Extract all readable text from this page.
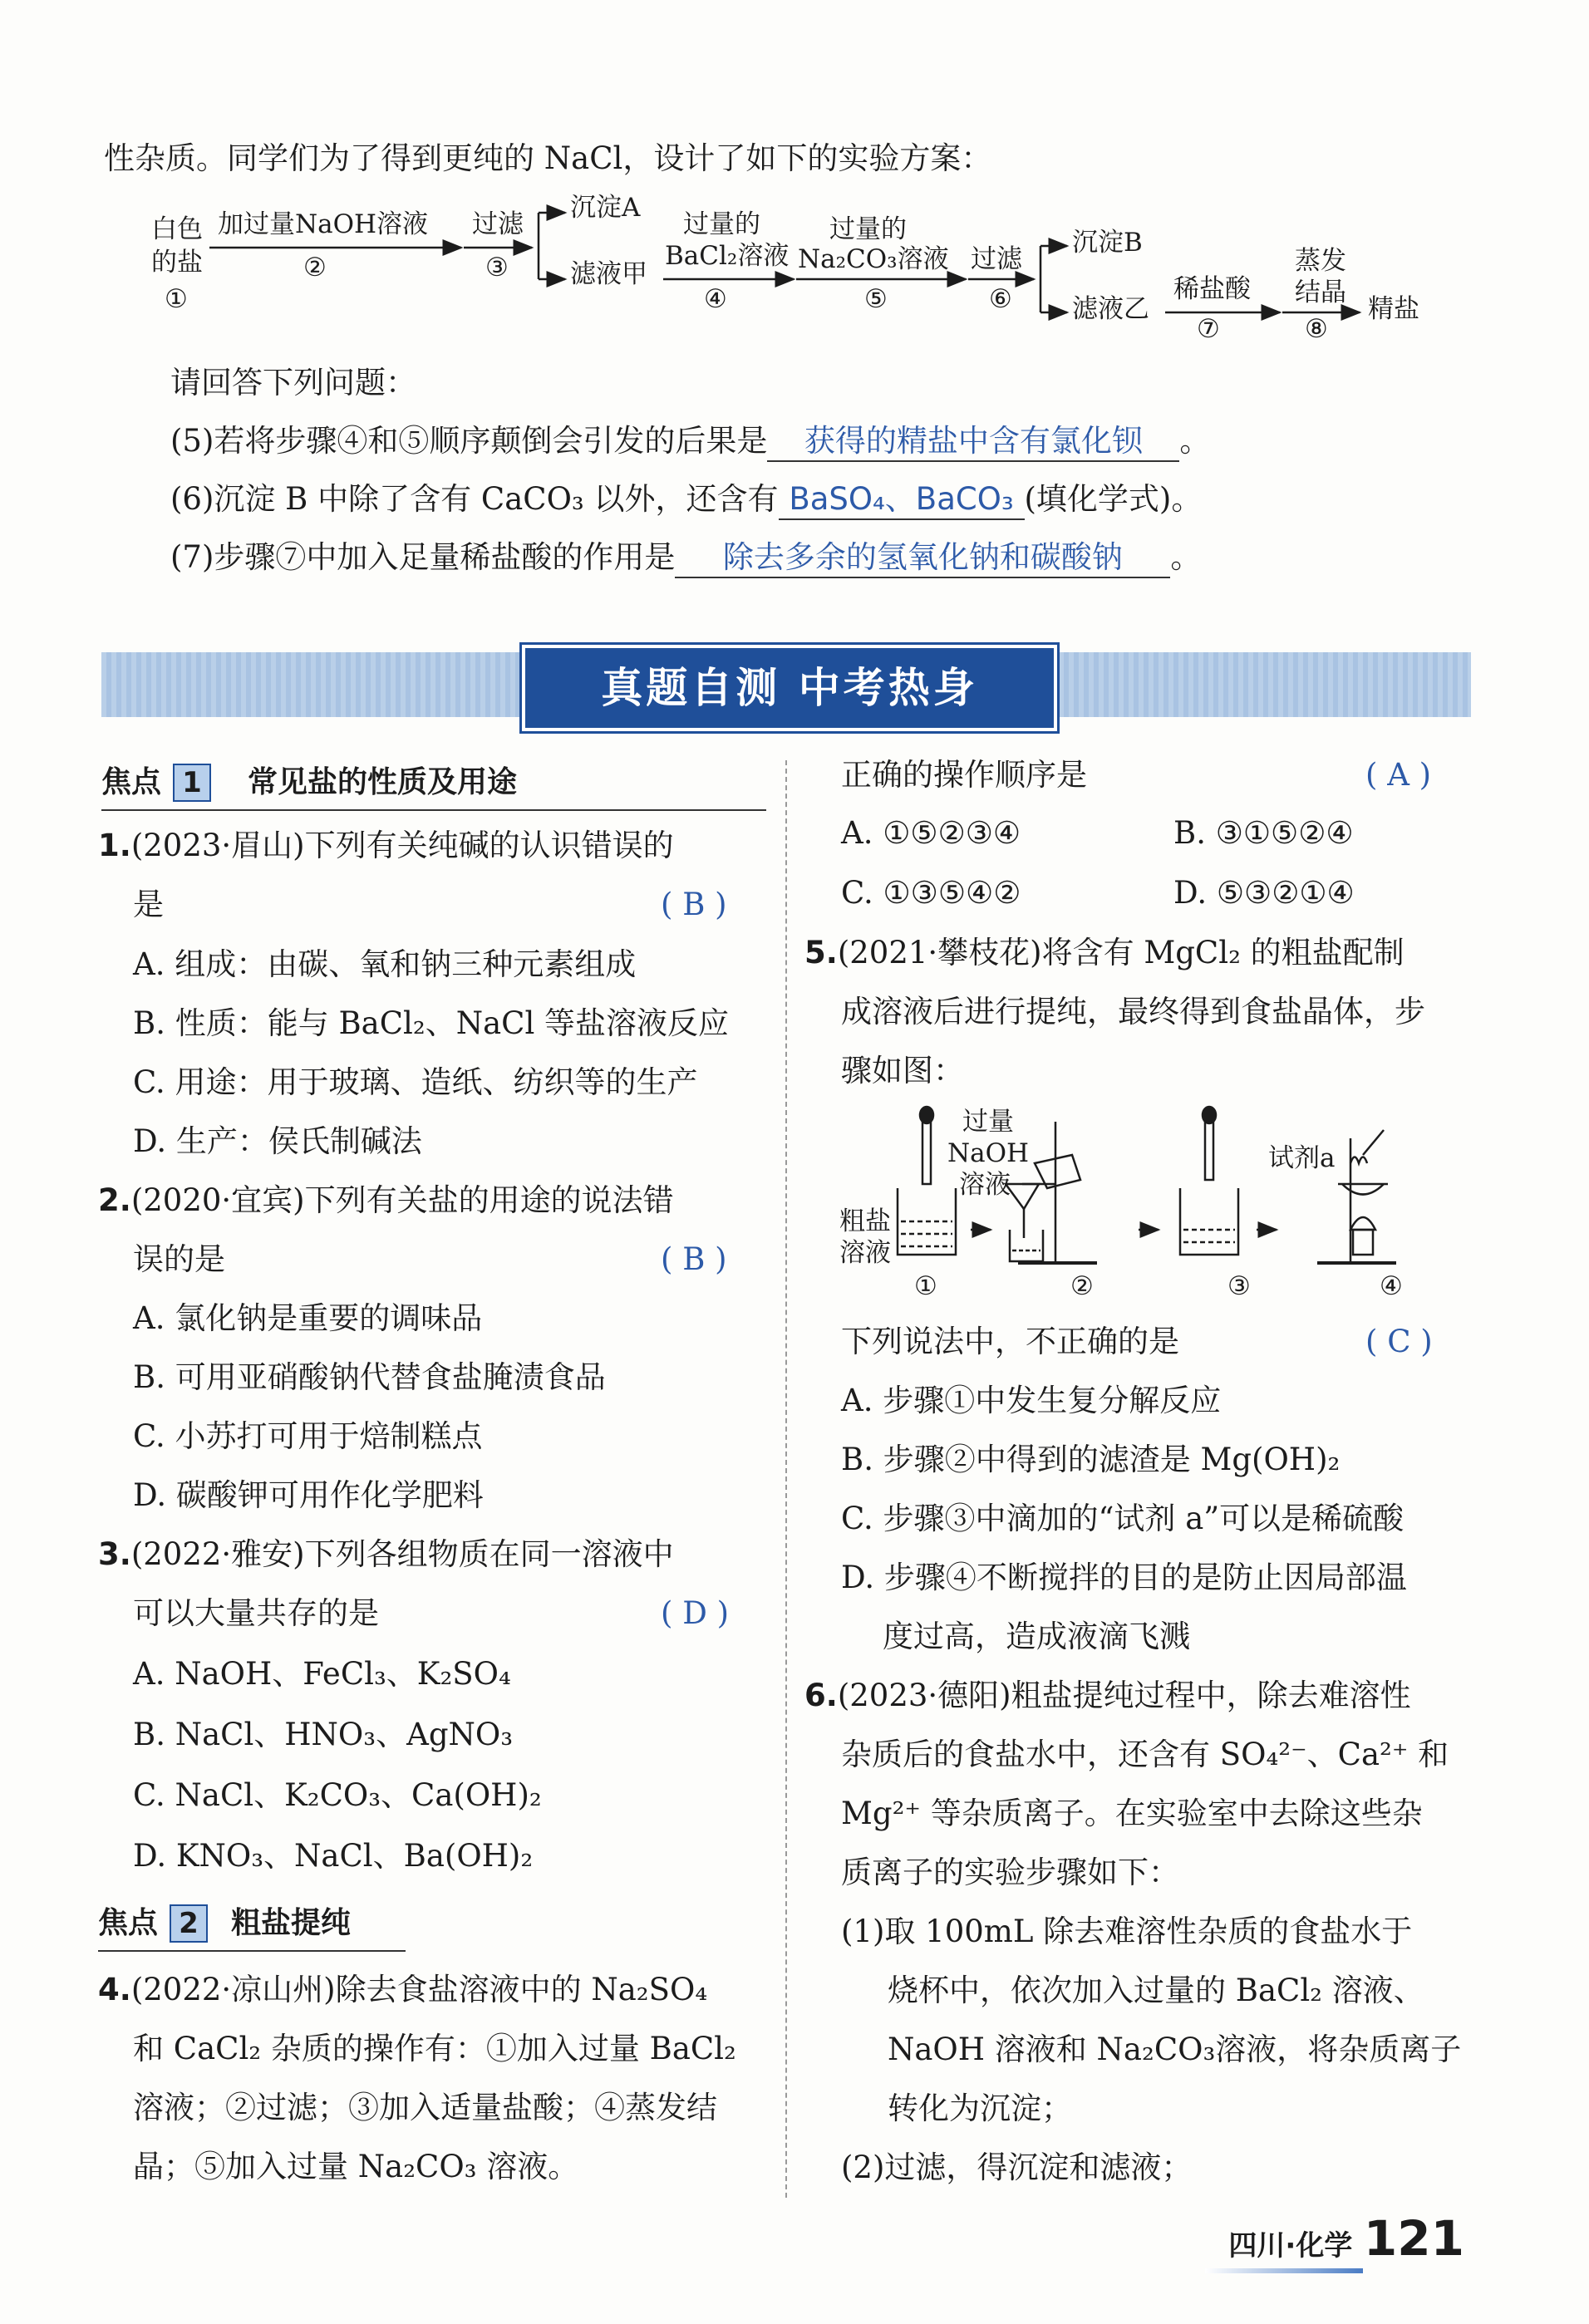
性杂质。同学们为了得到更纯的 NaCl，设计了如下的实验方案：
白色
的盐
①
加过量NaOH溶液
②
过滤
③
沉淀A
滤液甲
过量的
BaCl₂溶液
④
过量的
Na₂CO₃溶液
⑤
过滤
⑥
沉淀B
滤液乙
稀盐酸
⑦
蒸发
结晶
⑧
精盐
请回答下列问题：
(5)若将步骤④和⑤顺序颠倒会引发的后果是 获得的精盐中含有氯化钡 。
(6)沉淀 B 中除了含有 CaCO₃ 以外，还含有 BaSO₄、BaCO₃ (填化学式)。
(7)步骤⑦中加入足量稀盐酸的作用是 除去多余的氢氧化钠和碳酸钠 。
真题自测 中考热身
焦点 1 常见盐的性质及用途
1.(2023·眉山)下列有关纯碱的认识错误的
是	( B )
A. 组成：由碳、氧和钠三种元素组成
B. 性质：能与 BaCl₂、NaCl 等盐溶液反应
C. 用途：用于玻璃、造纸、纺织等的生产
D. 生产：侯氏制碱法
2.(2020·宜宾)下列有关盐的用途的说法错
误的是	( B )
A. 氯化钠是重要的调味品
B. 可用亚硝酸钠代替食盐腌渍食品
C. 小苏打可用于焙制糕点
D. 碳酸钾可用作化学肥料
3.(2022·雅安)下列各组物质在同一溶液中
可以大量共存的是	( D )
A. NaOH、FeCl₃、K₂SO₄
B. NaCl、HNO₃、AgNO₃
C. NaCl、K₂CO₃、Ca(OH)₂
D. KNO₃、NaCl、Ba(OH)₂
焦点 2 粗盐提纯
4.(2022·凉山州)除去食盐溶液中的 Na₂SO₄
和 CaCl₂ 杂质的操作有：①加入过量 BaCl₂
溶液；②过滤；③加入适量盐酸；④蒸发结
晶；⑤加入过量 Na₂CO₃ 溶液。
正确的操作顺序是	( A )
A. ①⑤②③④	B. ③①⑤②④
C. ①③⑤④②	D. ⑤③②①④
5.(2021·攀枝花)将含有 MgCl₂ 的粗盐配制
成溶液后进行提纯，最终得到食盐晶体，步
骤如图：
粗盐
溶液
过量
NaOH
溶液
试剂a
①	②	③	④
下列说法中，不正确的是	( C )
A. 步骤①中发生复分解反应
B. 步骤②中得到的滤渣是 Mg(OH)₂
C. 步骤③中滴加的“试剂 a”可以是稀硫酸
D. 步骤④不断搅拌的目的是防止因局部温
度过高，造成液滴飞溅
6.(2023·德阳)粗盐提纯过程中，除去难溶性
杂质后的食盐水中，还含有 SO₄²⁻、Ca²⁺ 和
Mg²⁺ 等杂质离子。在实验室中去除这些杂
质离子的实验步骤如下：
(1)取 100mL 除去难溶性杂质的食盐水于
烧杯中，依次加入过量的 BaCl₂ 溶液、
NaOH 溶液和 Na₂CO₃溶液，将杂质离子
转化为沉淀；
(2)过滤，得沉淀和滤液；
四川·化学 121
